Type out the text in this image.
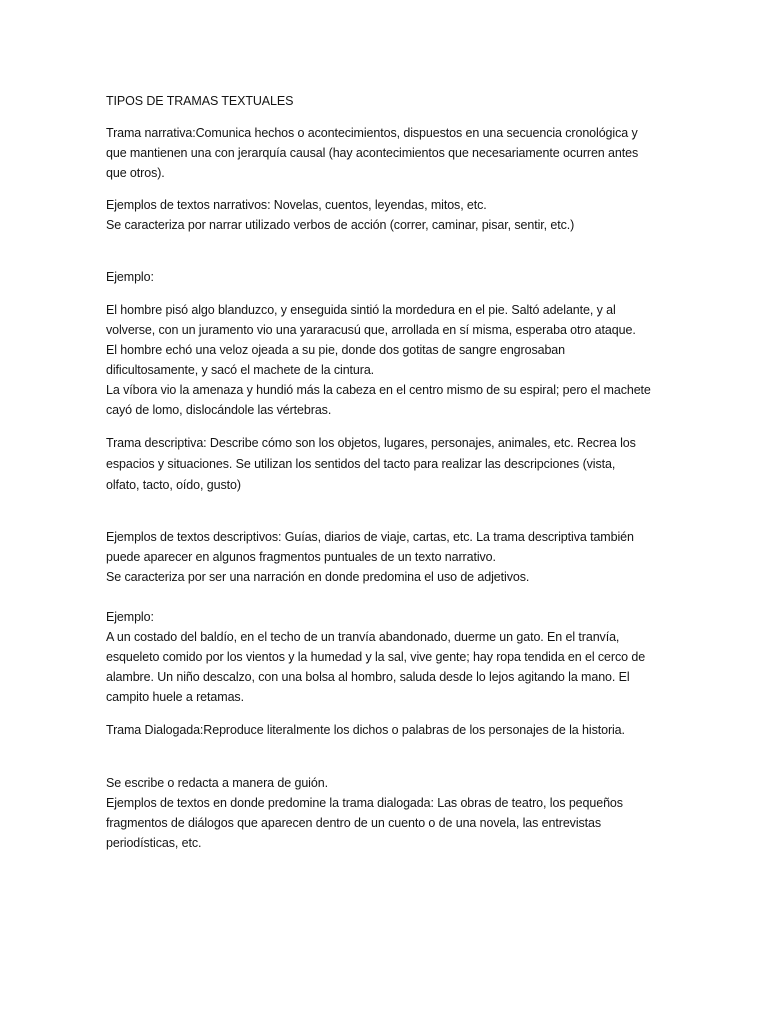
TIPOS DE TRAMAS TEXTUALES
Trama narrativa:Comunica hechos o acontecimientos, dispuestos en una secuencia cronológica y
que mantienen una con jerarquía causal (hay acontecimientos que necesariamente ocurren antes
que otros).
Ejemplos de textos narrativos: Novelas, cuentos, leyendas, mitos, etc.
Se caracteriza por narrar utilizado verbos de acción (correr, caminar, pisar, sentir, etc.)
Ejemplo:
El hombre pisó algo blanduzco, y enseguida sintió la mordedura en el pie. Saltó adelante, y al
volverse, con un juramento vio una yararacusú que, arrollada en sí misma, esperaba otro ataque.
El hombre echó una veloz ojeada a su pie, donde dos gotitas de sangre engrosaban
dificultosamente, y sacó el machete de la cintura.
La víbora vio la amenaza y hundió más la cabeza en el centro mismo de su espiral; pero el machete
cayó de lomo, dislocándole las vértebras.
Trama descriptiva: Describe cómo son los objetos, lugares, personajes, animales, etc. Recrea los
espacios y situaciones. Se utilizan los sentidos del tacto para realizar las descripciones (vista,
olfato, tacto, oído, gusto)
Ejemplos de textos descriptivos: Guías, diarios de viaje, cartas, etc. La trama descriptiva también
puede aparecer en algunos fragmentos puntuales de un texto narrativo.
Se caracteriza por ser una narración en donde predomina el uso de adjetivos.
Ejemplo:
A un costado del baldío, en el techo de un tranvía abandonado, duerme un gato. En el tranvía,
esqueleto comido por los vientos y la humedad y la sal, vive gente; hay ropa tendida en el cerco de
alambre. Un niño descalzo, con una bolsa al hombro, saluda desde lo lejos agitando la mano. El
campito huele a retamas.
Trama Dialogada:Reproduce literalmente los dichos o palabras de los personajes de la historia.
Se escribe o redacta a manera de guión.
Ejemplos de textos en donde predomine la trama dialogada: Las obras de teatro, los pequeños
fragmentos de diálogos que aparecen dentro de un cuento o de una novela, las entrevistas
periodísticas, etc.
